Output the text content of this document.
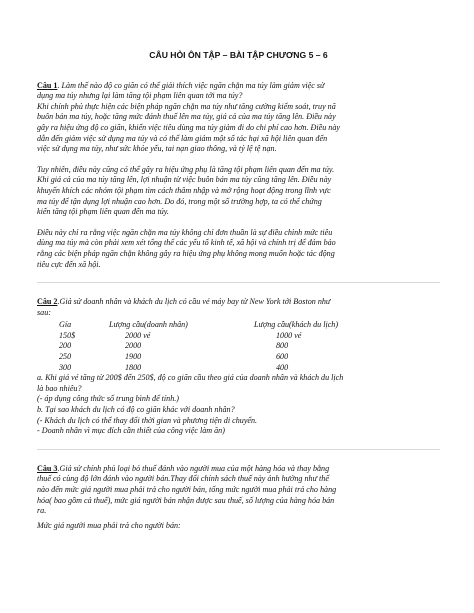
CÂU HỎI ÔN TẬP – BÀI TẬP CHƯƠNG 5 – 6

Câu 1. Làm thế nào độ co giãn có thể giải thích việc ngăn chặn ma túy làm giảm việc sử

dụng ma túy nhưng lại làm tăng tội phạm liên quan tới ma túy?

Khi chính phủ thực hiện các biện pháp ngăn chặn ma túy như tăng cường kiểm soát, truy nã

buôn bán ma túy, hoặc tăng mức đánh thuế lên ma túy, giá cả của ma túy tăng lên. Điều này

gây ra hiệu ứng độ co giãn, khiến việc tiêu dùng ma túy giảm đi do chi phí cao hơn. Điều này

dẫn đến giảm việc sử dụng ma túy và có thể làm giảm một số tác hại xã hội liên quan đến

việc sử dụng ma túy, như sức khỏe yếu, tai nạn giao thông, và tỷ lệ tệ nạn.

Tuy nhiên, điều này cũng có thể gây ra hiệu ứng phụ là tăng tội phạm liên quan đến ma túy.

Khi giá cả của ma túy tăng lên, lợi nhuận từ việc buôn bán ma túy cũng tăng lên. Điều này

khuyến khích các nhóm tội phạm tìm cách thâm nhập và mở rộng hoạt động trong lĩnh vực

ma túy để tận dụng lợi nhuận cao hơn. Do đó, trong một số trường hợp, ta có thể chứng

kiến tăng tội phạm liên quan đến ma túy.

Điều này chỉ ra rằng việc ngăn chặn ma túy không chỉ đơn thuần là sự điều chỉnh mức tiêu

dùng ma túy mà còn phải xem xét tổng thể các yếu tố kinh tế, xã hội và chính trị để đảm bảo

rằng các biện pháp ngăn chặn không gây ra hiệu ứng phụ không mong muốn hoặc tác động

tiêu cực đến xã hội.

Câu 2.Giả sử doanh nhân và khách du lịch có cầu vé máy bay từ New York tới Boston như

sau:

Gía	Lượng cầu(doanh nhân)	Lượng cầu(khách du lịch)
150$	2000 vé	1000 vé
200	2000	800
250	1900	600
300	1800	400

a. Khi giá vé tăng từ 200$ đến 250$, độ co giãn cầu theo giá của doanh nhân và khách du lịch

là bao nhiêu?

(- áp dụng công thức số trung bình để tính.)

b. Tại sao khách du lịch có độ co giãn khác với doanh nhân?

(- Khách du lịch có thể thay đổi thời gian và phương tiện di chuyển.

- Doanh nhân vì mục đích cần thiết của công việc làm ăn)

Câu 3.Giả sử chính phủ loại bỏ thuế đánh vào người mua của một hàng hóa và thay bằng

thuế có cùng độ lớn đánh vào người bán.Thay đổi chính sách thuế này ảnh hưởng như thế

nào đến mức giá người mua phải trả cho người bán, tổng mức người mua phải trả cho hàng

hóa( bao gồm cả thuế), mức giá người bán nhận được sau thuế, số lượng của hàng hóa bán

ra.

Mức giá người mua phải trả cho người bán:
